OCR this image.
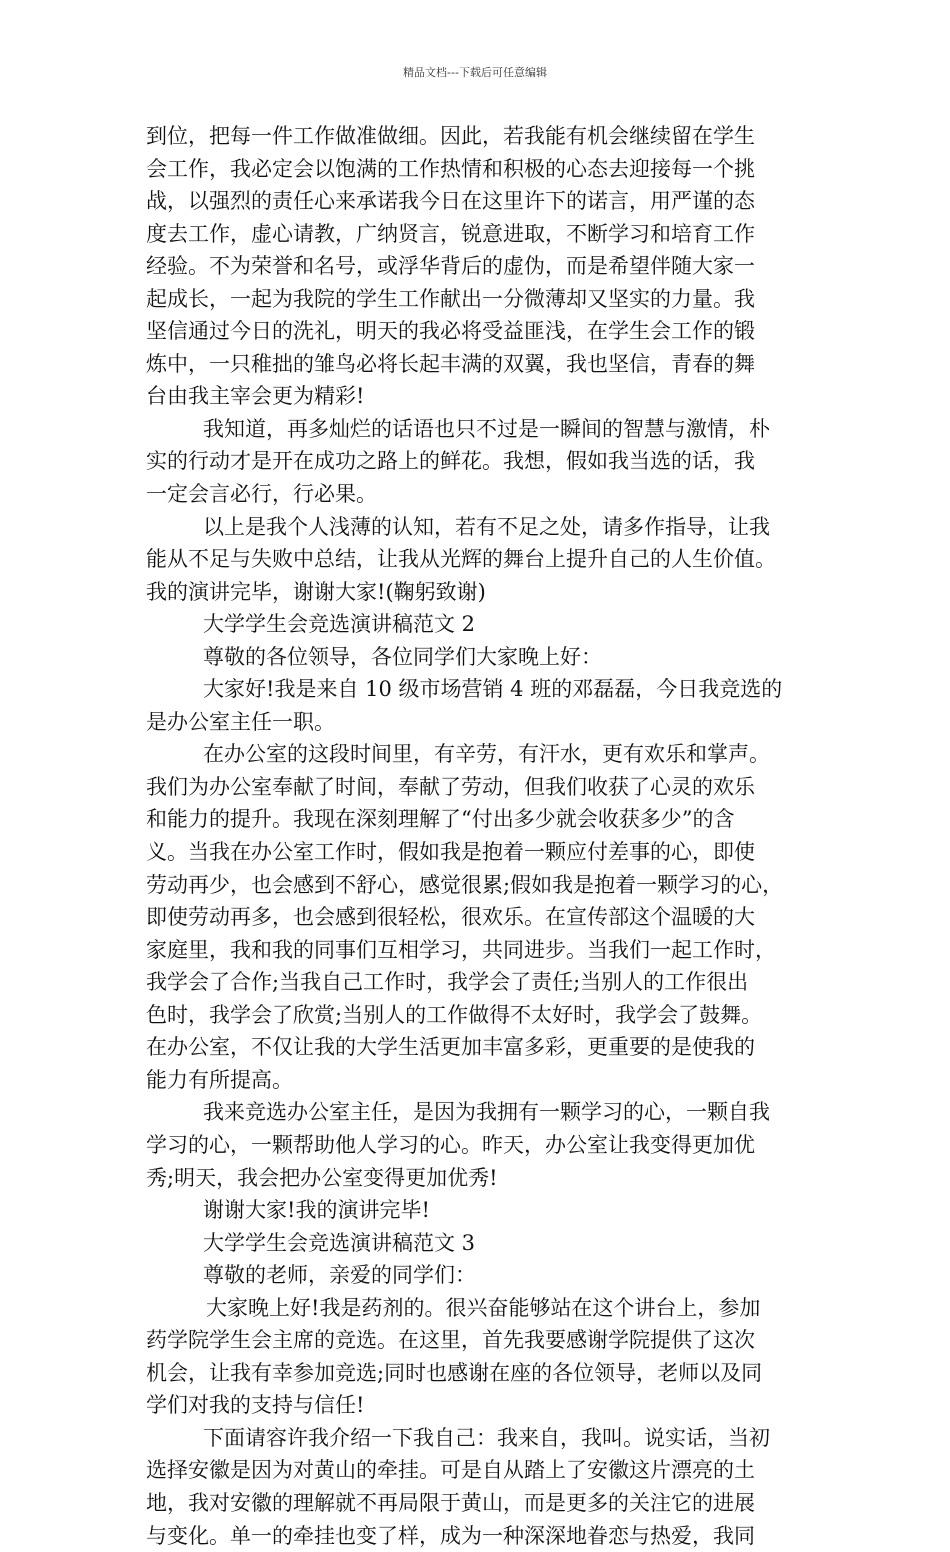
精品文档---下载后可任意编辑
到位，把每一件工作做准做细。因此，若我能有机会继续留在学生
会工作，我必定会以饱满的工作热情和积极的心态去迎接每一个挑
战，以强烈的责任心来承诺我今日在这里许下的诺言，用严谨的态
度去工作，虚心请教，广纳贤言，锐意进取，不断学习和培育工作
经验。不为荣誉和名号，或浮华背后的虚伪，而是希望伴随大家一
起成长，一起为我院的学生工作献出一分微薄却又坚实的力量。我
坚信通过今日的洗礼，明天的我必将受益匪浅，在学生会工作的锻
炼中，一只稚拙的雏鸟必将长起丰满的双翼，我也坚信，青春的舞
台由我主宰会更为精彩!
我知道，再多灿烂的话语也只不过是一瞬间的智慧与激情，朴
实的行动才是开在成功之路上的鲜花。我想，假如我当选的话，我
一定会言必行，行必果。
以上是我个人浅薄的认知，若有不足之处，请多作指导，让我
能从不足与失败中总结，让我从光辉的舞台上提升自己的人生价值。
我的演讲完毕，谢谢大家!(鞠躬致谢)
大学学生会竞选演讲稿范文 2
尊敬的各位领导，各位同学们大家晚上好：
大家好!我是来自 10 级市场营销 4 班的邓磊磊，今日我竞选的
是办公室主任一职。
在办公室的这段时间里，有辛劳，有汗水，更有欢乐和掌声。
我们为办公室奉献了时间，奉献了劳动，但我们收获了心灵的欢乐
和能力的提升。我现在深刻理解了“付出多少就会收获多少”的含
义。当我在办公室工作时，假如我是抱着一颗应付差事的心，即使
劳动再少，也会感到不舒心，感觉很累;假如我是抱着一颗学习的心，
即使劳动再多，也会感到很轻松，很欢乐。在宣传部这个温暖的大
家庭里，我和我的同事们互相学习，共同进步。当我们一起工作时，
我学会了合作;当我自己工作时，我学会了责任;当别人的工作很出
色时，我学会了欣赏;当别人的工作做得不太好时，我学会了鼓舞。
在办公室，不仅让我的大学生活更加丰富多彩，更重要的是使我的
能力有所提高。
我来竞选办公室主任，是因为我拥有一颗学习的心，一颗自我
学习的心，一颗帮助他人学习的心。昨天，办公室让我变得更加优
秀;明天，我会把办公室变得更加优秀!
谢谢大家!我的演讲完毕!
大学学生会竞选演讲稿范文 3
尊敬的老师，亲爱的同学们：
大家晚上好!我是药剂的。很兴奋能够站在这个讲台上，参加
药学院学生会主席的竞选。在这里，首先我要感谢学院提供了这次
机会，让我有幸参加竞选;同时也感谢在座的各位领导，老师以及同
学们对我的支持与信任!
下面请容许我介绍一下我自己：我来自，我叫。说实话，当初
选择安徽是因为对黄山的牵挂。可是自从踏上了安徽这片漂亮的土
地，我对安徽的理解就不再局限于黄山，而是更多的关注它的进展
与变化。单一的牵挂也变了样，成为一种深深地眷恋与热爱，我同
